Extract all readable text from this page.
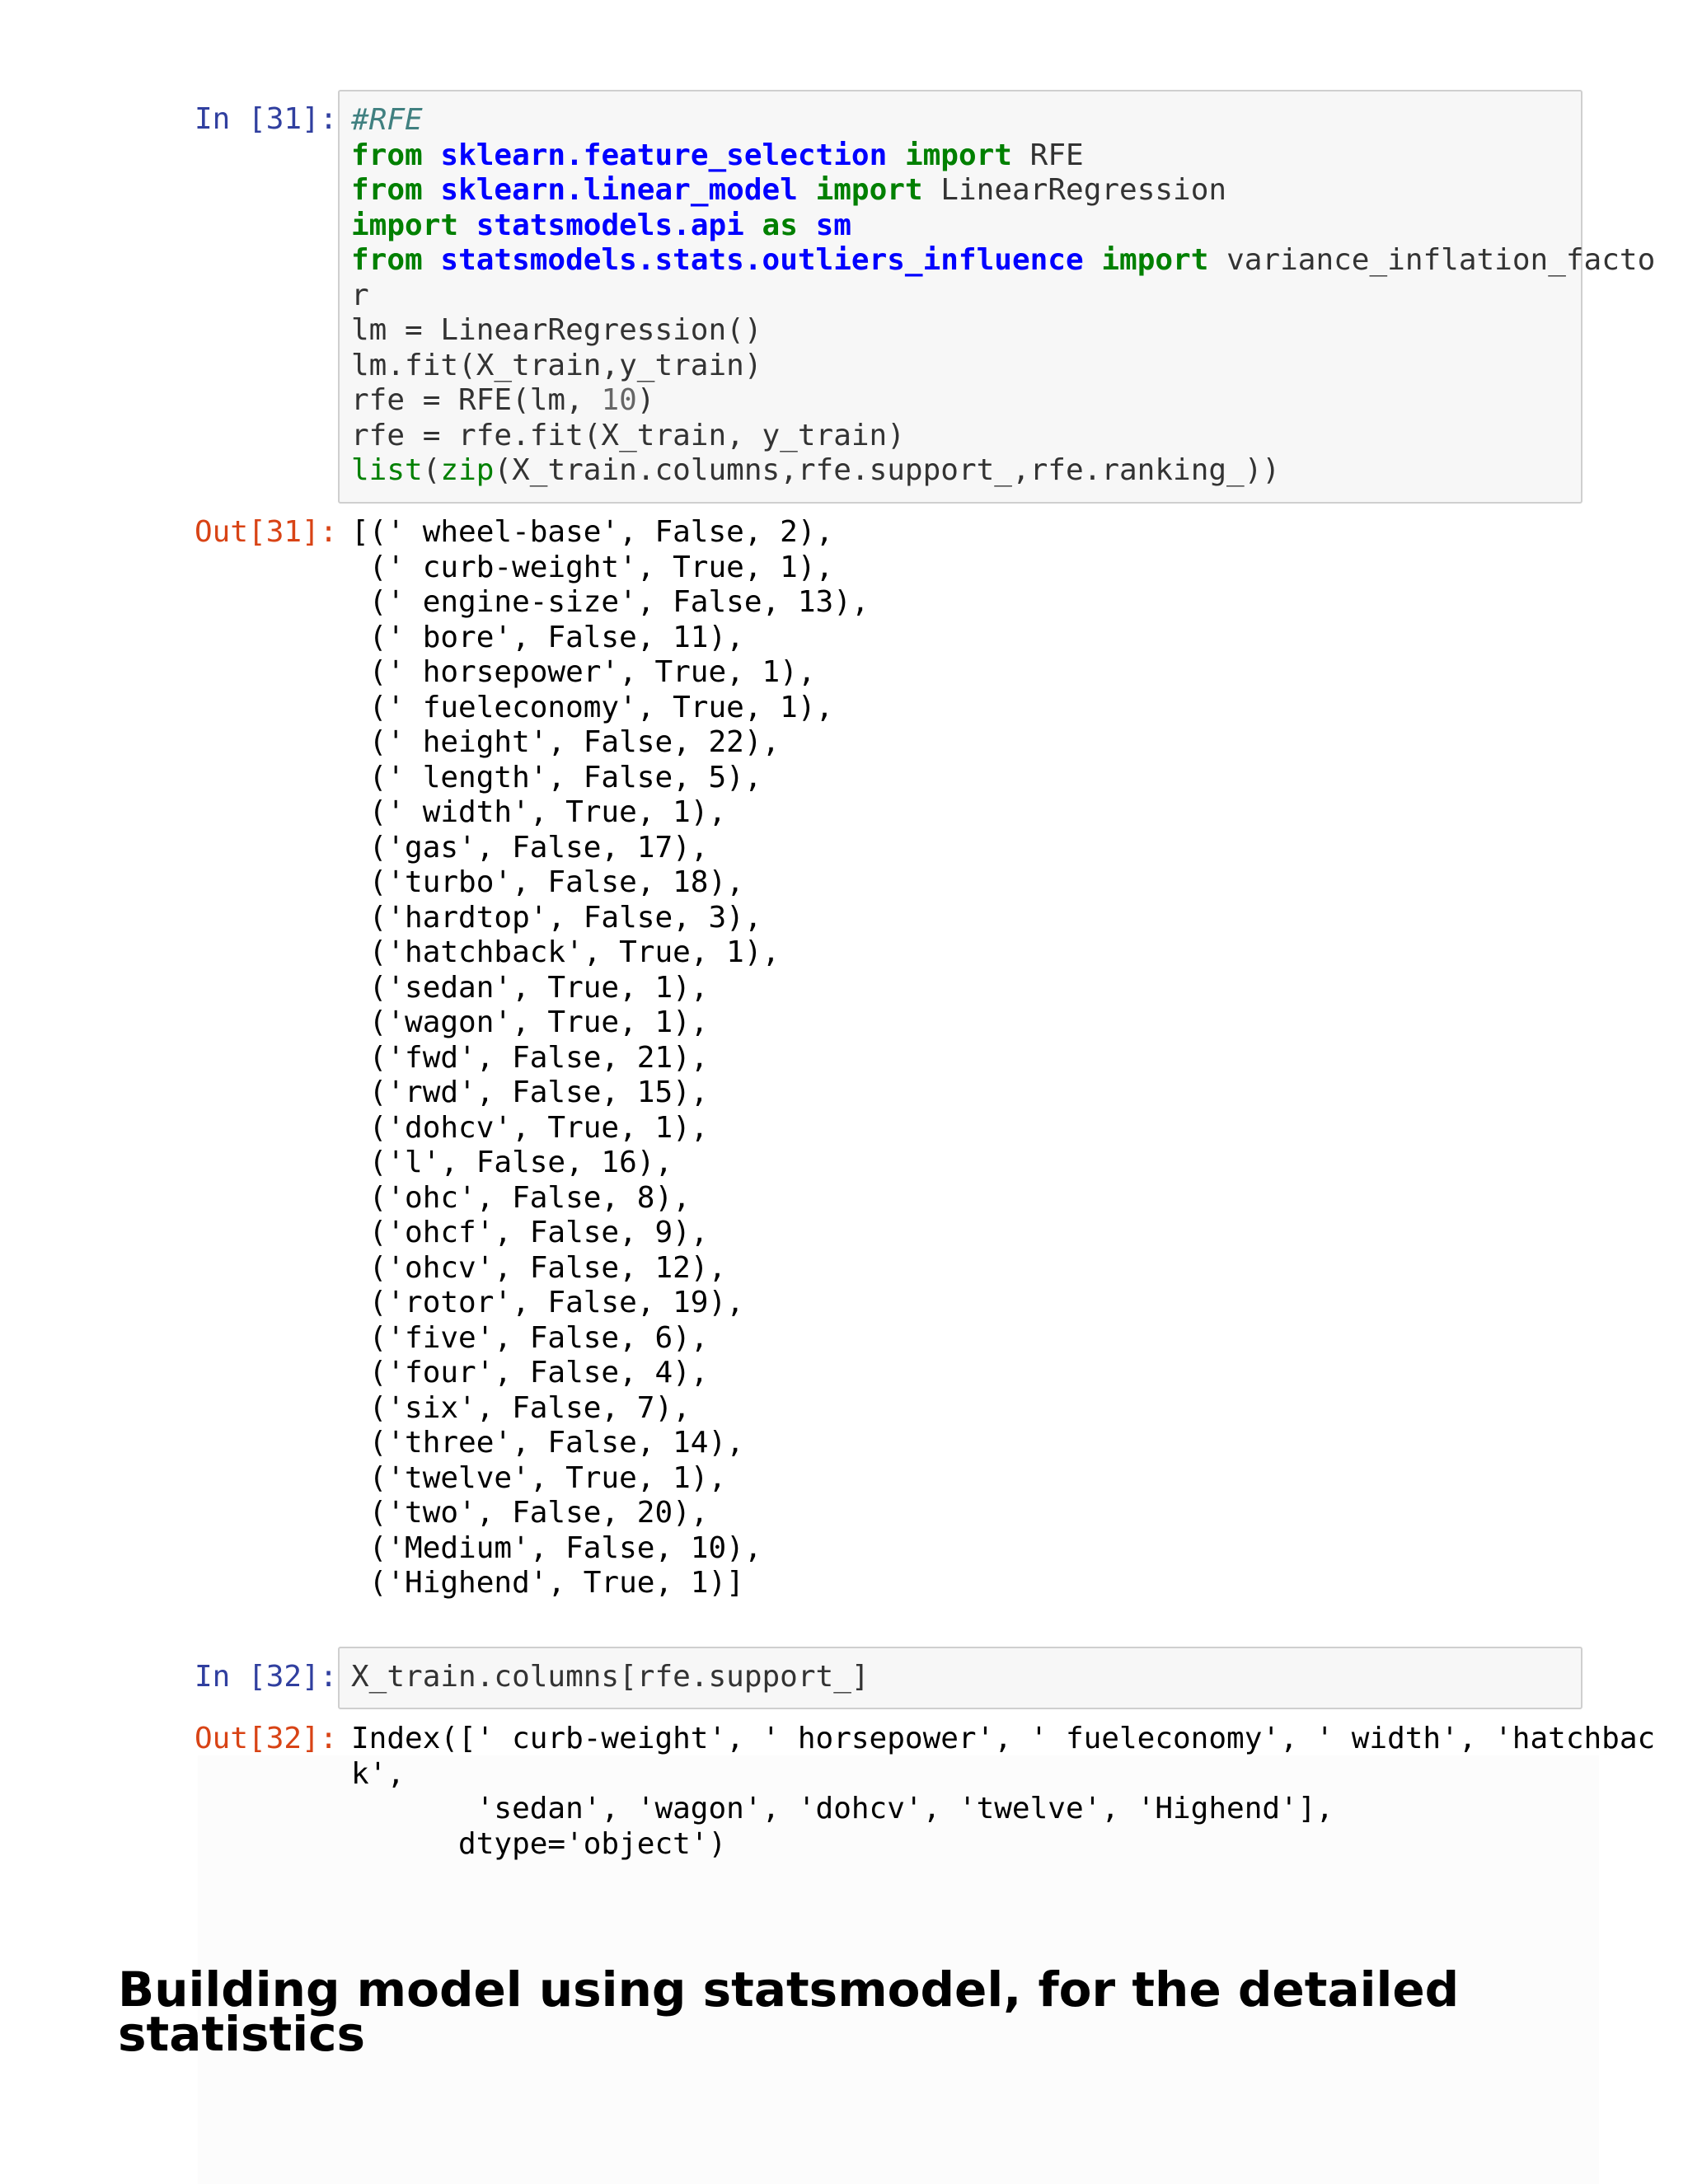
In [31]: #RFE
from sklearn.feature_selection import RFE
from sklearn.linear_model import LinearRegression
import statsmodels.api as sm
from statsmodels.stats.outliers_influence import variance_inflation_facto
r
lm = LinearRegression()
lm.fit(X_train,y_train)
rfe = RFE(lm, 10)
rfe = rfe.fit(X_train, y_train)
list(zip(X_train.columns,rfe.support_,rfe.ranking_))
Out[31]: [(' wheel-base', False, 2),
(' curb-weight', True, 1),
(' engine-size', False, 13),
(' bore', False, 11),
(' horsepower', True, 1),
(' fueleconomy', True, 1),
(' height', False, 22),
(' length', False, 5),
(' width', True, 1),
('gas', False, 17),
('turbo', False, 18),
('hardtop', False, 3),
('hatchback', True, 1),
('sedan', True, 1),
('wagon', True, 1),
('fwd', False, 21),
('rwd', False, 15),
('dohcv', True, 1),
('l', False, 16),
('ohc', False, 8),
('ohcf', False, 9),
('ohcv', False, 12),
('rotor', False, 19),
('five', False, 6),
('four', False, 4),
('six', False, 7),
('three', False, 14),
('twelve', True, 1),
('two', False, 20),
('Medium', False, 10),
('Highend', True, 1)]
In [32]: X_train.columns[rfe.support_]
Out[32]: Index([' curb-weight', ' horsepower', ' fueleconomy', ' width', 'hatchbac
k',
'sedan', 'wagon', 'dohcv', 'twelve', 'Highend'],
dtype='object')
Building model using statsmodel, for the detailed statistics
